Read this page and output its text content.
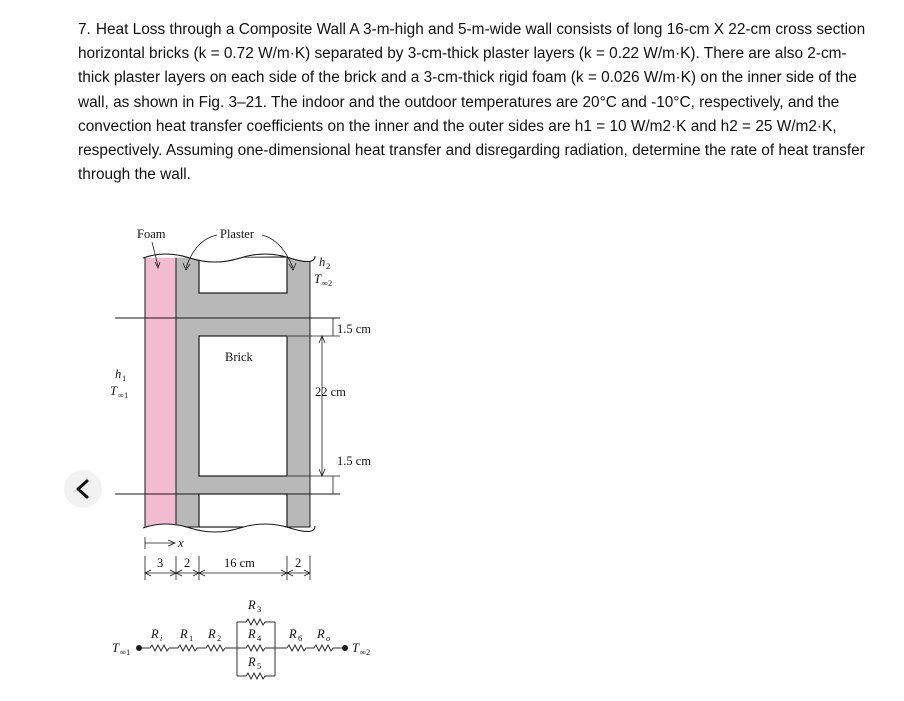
7. Heat Loss through a Composite Wall A 3-m-high and 5-m-wide wall consists of long 16-cm X 22-cm cross section horizontal bricks (k = 0.72 W/m·K) separated by 3-cm-thick plaster layers (k = 0.22 W/m·K). There are also 2-cm-thick plaster layers on each side of the brick and a 3-cm-thick rigid foam (k = 0.026 W/m·K) on the inner side of the wall, as shown in Fig. 3–21. The indoor and the outdoor temperatures are 20°C and -10°C, respectively, and the convection heat transfer coefficients on the inner and the outer sides are h1 = 10 W/m2·K and h2 = 25 W/m2·K, respectively. Assuming one-dimensional heat transfer and disregarding radiation, determine the rate of heat transfer through the wall.
Foam	Plaster
Brick
h 2
T ∞2
h 1
T ∞1
1.5 cm
22 cm
1.5 cm
x
3 2	16 cm	2
T ∞1	T ∞2
R i R 1 R 2
R 3
R 4
R 5
R 6 R o
